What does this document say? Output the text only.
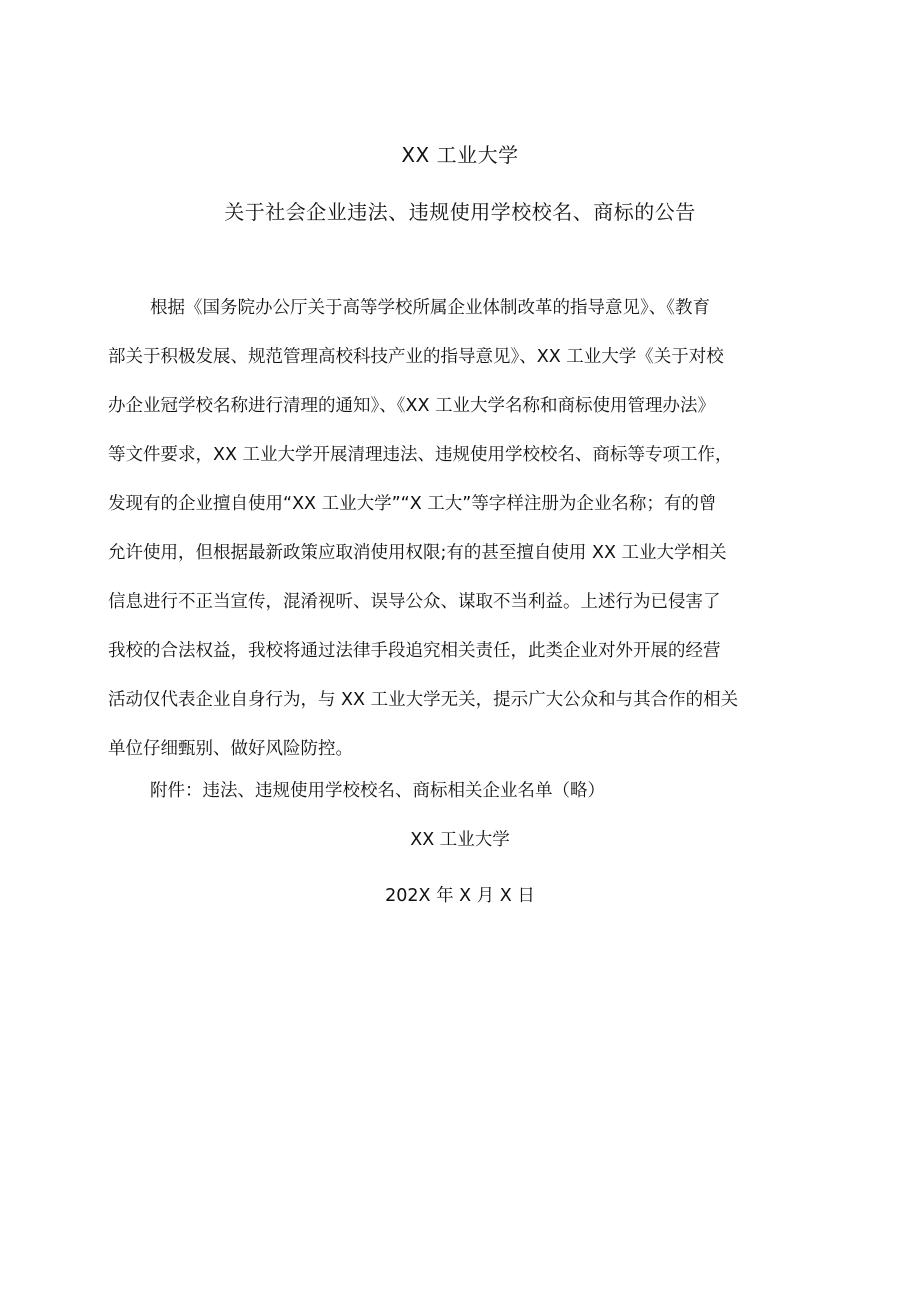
XX 工业大学
关于社会企业违法、违规使用学校校名、商标的公告
根据《国务院办公厅关于高等学校所属企业体制改革的指导意见》、《教育
部关于积极发展、规范管理高校科技产业的指导意见》、XX 工业大学《关于对校
办企业冠学校名称进行清理的通知》、《XX 工业大学名称和商标使用管理办法》
等文件要求，XX 工业大学开展清理违法、违规使用学校校名、商标等专项工作，
发现有的企业擅自使用“XX 工业大学”“X 工大”等字样注册为企业名称；有的曾
允许使用，但根据最新政策应取消使用权限;有的甚至擅自使用 XX 工业大学相关
信息进行不正当宣传，混淆视听、误导公众、谋取不当利益。上述行为已侵害了
我校的合法权益，我校将通过法律手段追究相关责任，此类企业对外开展的经营
活动仅代表企业自身行为，与 XX 工业大学无关，提示广大公众和与其合作的相关
单位仔细甄别、做好风险防控。
附件：违法、违规使用学校校名、商标相关企业名单（略）
XX 工业大学
202X 年 X 月 X 日
